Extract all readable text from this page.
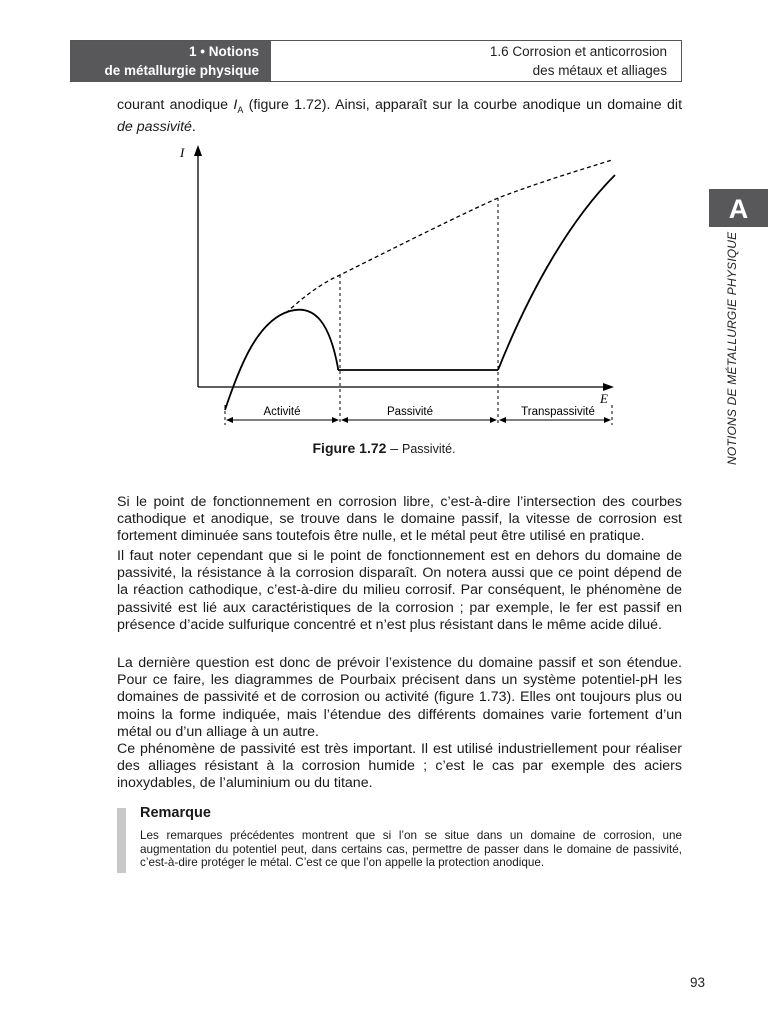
1 • Notions
de métallurgie physique
1.6 Corrosion et anticorrosion
des métaux et alliages
A
NOTIONS DE MÉTALLURGIE PHYSIQUE

courant anodique $I_A$ (figure 1.72). Ainsi, apparaît sur la courbe anodique un domaine dit de passivité.

I
E
Activité	Passivité	Transpassivité
Figure 1.72 – Passivité.

Si le point de fonctionnement en corrosion libre, c’est-à-dire l’intersection des courbes cathodique et anodique, se trouve dans le domaine passif, la vitesse de corrosion est fortement diminuée sans toutefois être nulle, et le métal peut être utilisé en pratique.

Il faut noter cependant que si le point de fonctionnement est en dehors du domaine de passivité, la résistance à la corrosion disparaît. On notera aussi que ce point dépend de la réaction cathodique, c’est-à-dire du milieu corrosif. Par conséquent, le phénomène de passivité est lié aux caractéristiques de la corrosion ; par exemple, le fer est passif en présence d’acide sulfurique concentré et n’est plus résistant dans le même acide dilué.

La dernière question est donc de prévoir l’existence du domaine passif et son étendue. Pour ce faire, les diagrammes de Pourbaix précisent dans un système potentiel-pH les domaines de passivité et de corrosion ou activité (figure 1.73). Elles ont toujours plus ou moins la forme indiquée, mais l’étendue des différents domaines varie fortement d’un métal ou d’un alliage à un autre.

Ce phénomène de passivité est très important. Il est utilisé industriellement pour réaliser des alliages résistant à la corrosion humide ; c’est le cas par exemple des aciers inoxydables, de l’aluminium ou du titane.

Remarque

Les remarques précédentes montrent que si l’on se situe dans un domaine de corrosion, une augmentation du potentiel peut, dans certains cas, permettre de passer dans le domaine de passivité, c’est-à-dire protéger le métal. C’est ce que l’on appelle la protection anodique.

93
